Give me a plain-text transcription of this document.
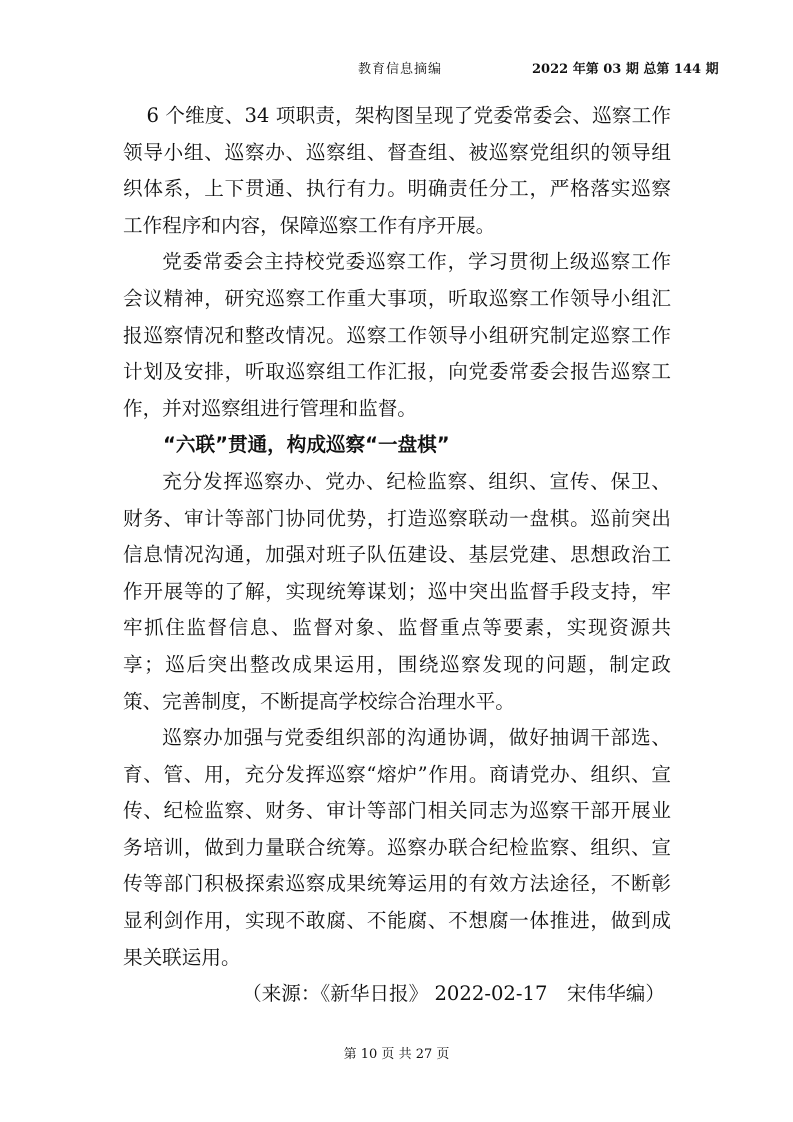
教育信息摘编	2022 年第 03 期 总第 144 期

6 个维度、34 项职责，架构图呈现了党委常委会、巡察工作领导小组、巡察办、巡察组、督查组、被巡察党组织的领导组织体系，上下贯通、执行有力。明确责任分工，严格落实巡察工作程序和内容，保障巡察工作有序开展。

党委常委会主持校党委巡察工作，学习贯彻上级巡察工作会议精神，研究巡察工作重大事项，听取巡察工作领导小组汇报巡察情况和整改情况。巡察工作领导小组研究制定巡察工作计划及安排，听取巡察组工作汇报，向党委常委会报告巡察工作，并对巡察组进行管理和监督。

“六联”贯通，构成巡察“一盘棋”

充分发挥巡察办、党办、纪检监察、组织、宣传、保卫、财务、审计等部门协同优势，打造巡察联动一盘棋。巡前突出信息情况沟通，加强对班子队伍建设、基层党建、思想政治工作开展等的了解，实现统筹谋划；巡中突出监督手段支持，牢牢抓住监督信息、监督对象、监督重点等要素，实现资源共享；巡后突出整改成果运用，围绕巡察发现的问题，制定政策、完善制度，不断提高学校综合治理水平。

巡察办加强与党委组织部的沟通协调，做好抽调干部选、育、管、用，充分发挥巡察“熔炉”作用。商请党办、组织、宣传、纪检监察、财务、审计等部门相关同志为巡察干部开展业务培训，做到力量联合统筹。巡察办联合纪检监察、组织、宣传等部门积极探索巡察成果统筹运用的有效方法途径，不断彰显利剑作用，实现不敢腐、不能腐、不想腐一体推进，做到成果关联运用。

（来源：《新华日报》 2022-02-17　宋伟华编）

第 10 页 共 27 页
